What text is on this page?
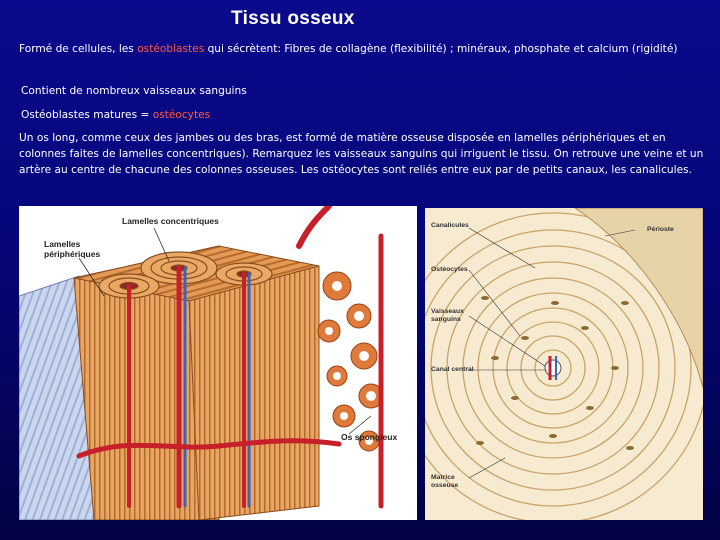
Tissu osseux
Formé de cellules, les ostéoblastes qui sécrètent: Fibres de collagène (flexibilité) ; minéraux, phosphate et calcium (rigidité)
Contient de nombreux vaisseaux sanguins
Ostéoblastes matures = ostéocytes
Un os long, comme ceux des jambes ou des bras, est formé de matière osseuse disposée en lamelles périphériques et en colonnes faites de lamelles concentriques). Remarquez les vaisseaux sanguins qui irriguent le tissu. On retrouve une veine et un artère au centre de chacune des colonnes osseuses. Les ostéocytes sont reliés entre eux par de petits canaux, les canalicules.
Lamelles concentriques
Lamelles
périphériques
Os spongieux
Canalicules
Périoste
Ostéocytes
Vaisseaux
sanguins
Canal central
Matrice
osseuse
